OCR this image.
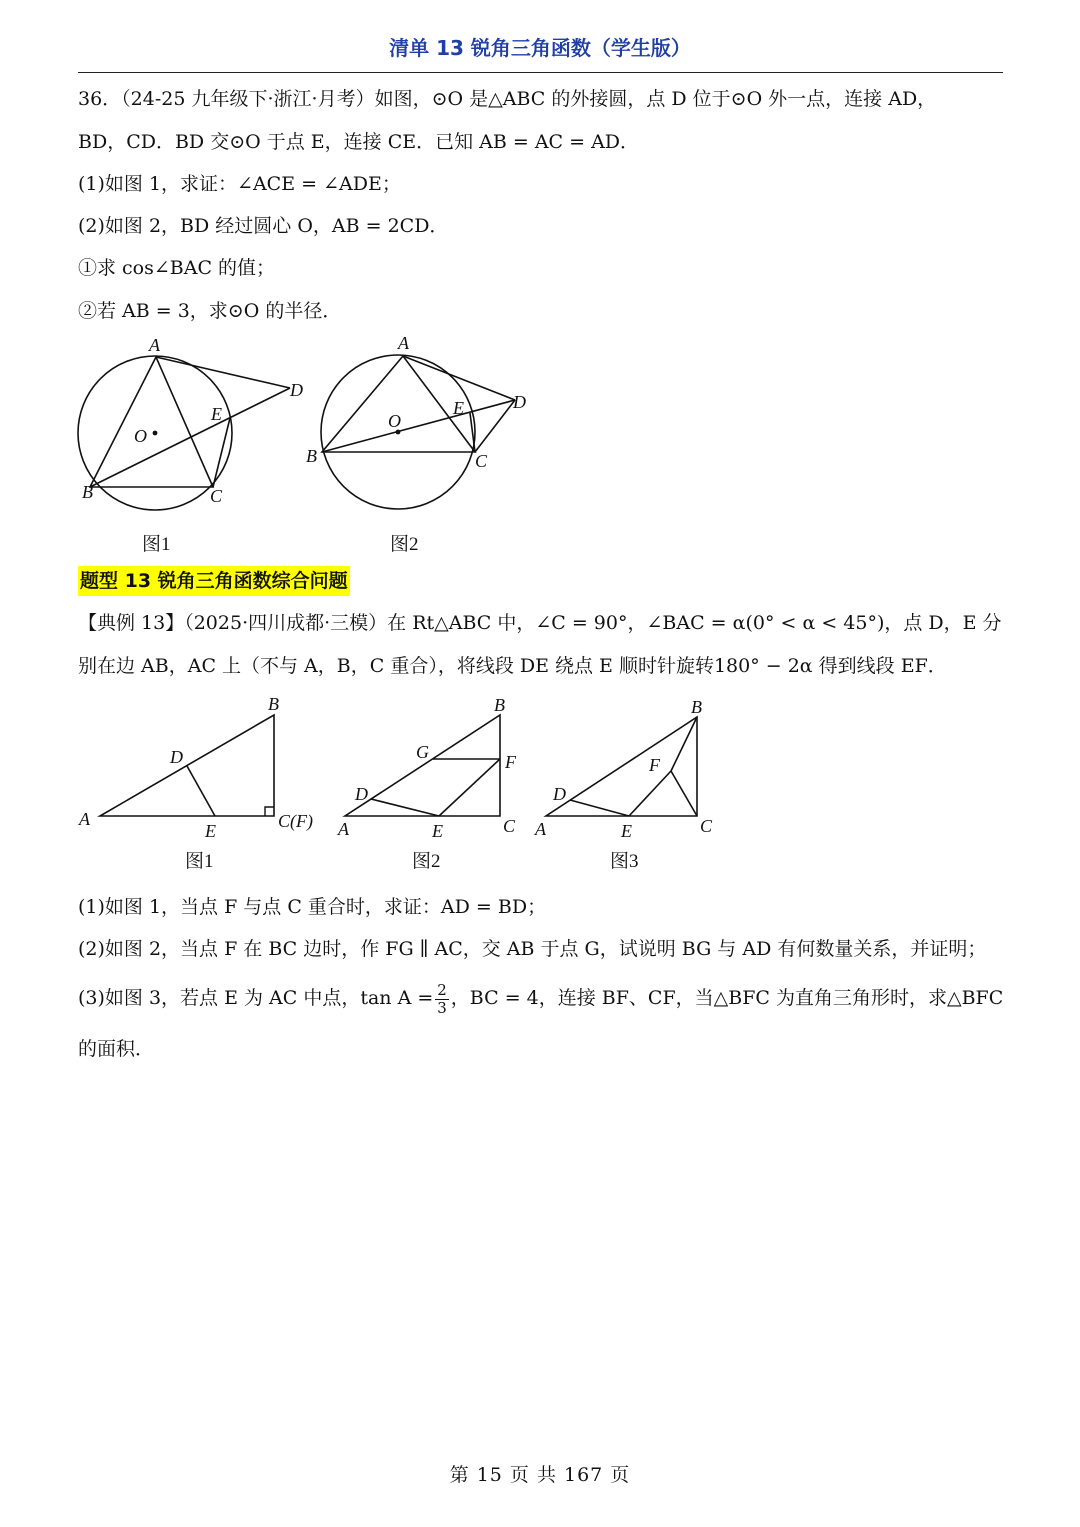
清单 13 锐角三角函数（学生版）
36．（24-25 九年级下·浙江·月考）如图，⊙O 是△ABC 的外接圆，点 D 位于⊙O 外一点，连接 AD，
BD，CD．BD 交⊙O 于点 E，连接 CE．已知 AB = AC = AD．
(1)如图 1，求证：∠ACE = ∠ADE；
(2)如图 2，BD 经过圆心 O，AB = 2CD．
①求 cos∠BAC 的值；
②若 AB = 3，求⊙O 的半径．
A
B	C
D
E
O
图1
A
B	C
D
E
O
图2
题型 13 锐角三角函数综合问题
【典例 13】（2025·四川成都·三模）在 Rt△ABC 中，∠C = 90°，∠BAC = α(0° < α < 45°)，点 D，E 分
别在边 AB，AC 上（不与 A，B，C 重合），将线段 DE 绕点 E 顺时针旋转180° − 2α 得到线段 EF．
B
D
A
E	C(F)
图1
B
G	F
D
A	E	C
图2
B
F
D
A	E	C
图3
(1)如图 1，当点 F 与点 C 重合时，求证：AD = BD；
(2)如图 2，当点 F 在 BC 边时，作 FG ∥ AC，交 AB 于点 G，试说明 BG 与 AD 有何数量关系，并证明；
(3)如图 3，若点 E 为 AC 中点，$\tan A = \frac{2}{3}$ ，BC = 4，连接 BF、CF，当△BFC 为直角三角形时，求△BFC
的面积．
第 15 页 共 167 页
